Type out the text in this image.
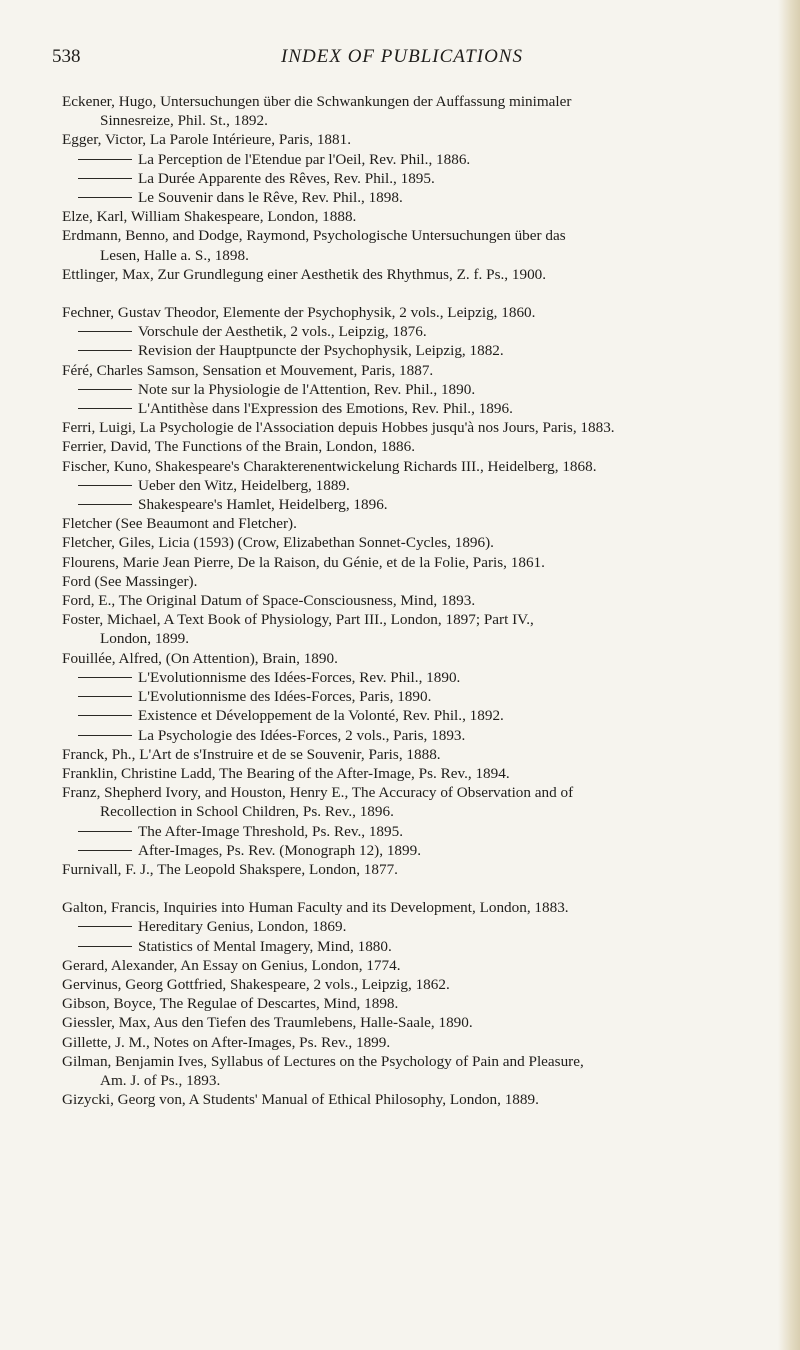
538	INDEX OF PUBLICATIONS
Eckener, Hugo, Untersuchungen über die Schwankungen der Auffassung minimaler
Sinnesreize, Phil. St., 1892.
Egger, Victor, La Parole Intérieure, Paris, 1881.
La Perception de l'Etendue par l'Oeil, Rev. Phil., 1886.
La Durée Apparente des Rêves, Rev. Phil., 1895.
Le Souvenir dans le Rêve, Rev. Phil., 1898.
Elze, Karl, William Shakespeare, London, 1888.
Erdmann, Benno, and Dodge, Raymond, Psychologische Untersuchungen über das
Lesen, Halle a. S., 1898.
Ettlinger, Max, Zur Grundlegung einer Aesthetik des Rhythmus, Z. f. Ps., 1900.
Fechner, Gustav Theodor, Elemente der Psychophysik, 2 vols., Leipzig, 1860.
Vorschule der Aesthetik, 2 vols., Leipzig, 1876.
Revision der Hauptpuncte der Psychophysik, Leipzig, 1882.
Féré, Charles Samson, Sensation et Mouvement, Paris, 1887.
Note sur la Physiologie de l'Attention, Rev. Phil., 1890.
L'Antithèse dans l'Expression des Emotions, Rev. Phil., 1896.
Ferri, Luigi, La Psychologie de l'Association depuis Hobbes jusqu'à nos Jours, Paris, 1883.
Ferrier, David, The Functions of the Brain, London, 1886.
Fischer, Kuno, Shakespeare's Charakterenentwickelung Richards III., Heidelberg, 1868.
Ueber den Witz, Heidelberg, 1889.
Shakespeare's Hamlet, Heidelberg, 1896.
Fletcher (See Beaumont and Fletcher).
Fletcher, Giles, Licia (1593) (Crow, Elizabethan Sonnet-Cycles, 1896).
Flourens, Marie Jean Pierre, De la Raison, du Génie, et de la Folie, Paris, 1861.
Ford (See Massinger).
Ford, E., The Original Datum of Space-Consciousness, Mind, 1893.
Foster, Michael, A Text Book of Physiology, Part III., London, 1897; Part IV.,
London, 1899.
Fouillée, Alfred, (On Attention), Brain, 1890.
L'Evolutionnisme des Idées-Forces, Rev. Phil., 1890.
L'Evolutionnisme des Idées-Forces, Paris, 1890.
Existence et Développement de la Volonté, Rev. Phil., 1892.
La Psychologie des Idées-Forces, 2 vols., Paris, 1893.
Franck, Ph., L'Art de s'Instruire et de se Souvenir, Paris, 1888.
Franklin, Christine Ladd, The Bearing of the After-Image, Ps. Rev., 1894.
Franz, Shepherd Ivory, and Houston, Henry E., The Accuracy of Observation and of
Recollection in School Children, Ps. Rev., 1896.
The After-Image Threshold, Ps. Rev., 1895.
After-Images, Ps. Rev. (Monograph 12), 1899.
Furnivall, F. J., The Leopold Shakspere, London, 1877.
Galton, Francis, Inquiries into Human Faculty and its Development, London, 1883.
Hereditary Genius, London, 1869.
Statistics of Mental Imagery, Mind, 1880.
Gerard, Alexander, An Essay on Genius, London, 1774.
Gervinus, Georg Gottfried, Shakespeare, 2 vols., Leipzig, 1862.
Gibson, Boyce, The Regulae of Descartes, Mind, 1898.
Giessler, Max, Aus den Tiefen des Traumlebens, Halle-Saale, 1890.
Gillette, J. M., Notes on After-Images, Ps. Rev., 1899.
Gilman, Benjamin Ives, Syllabus of Lectures on the Psychology of Pain and Pleasure,
Am. J. of Ps., 1893.
Gizycki, Georg von, A Students' Manual of Ethical Philosophy, London, 1889.
